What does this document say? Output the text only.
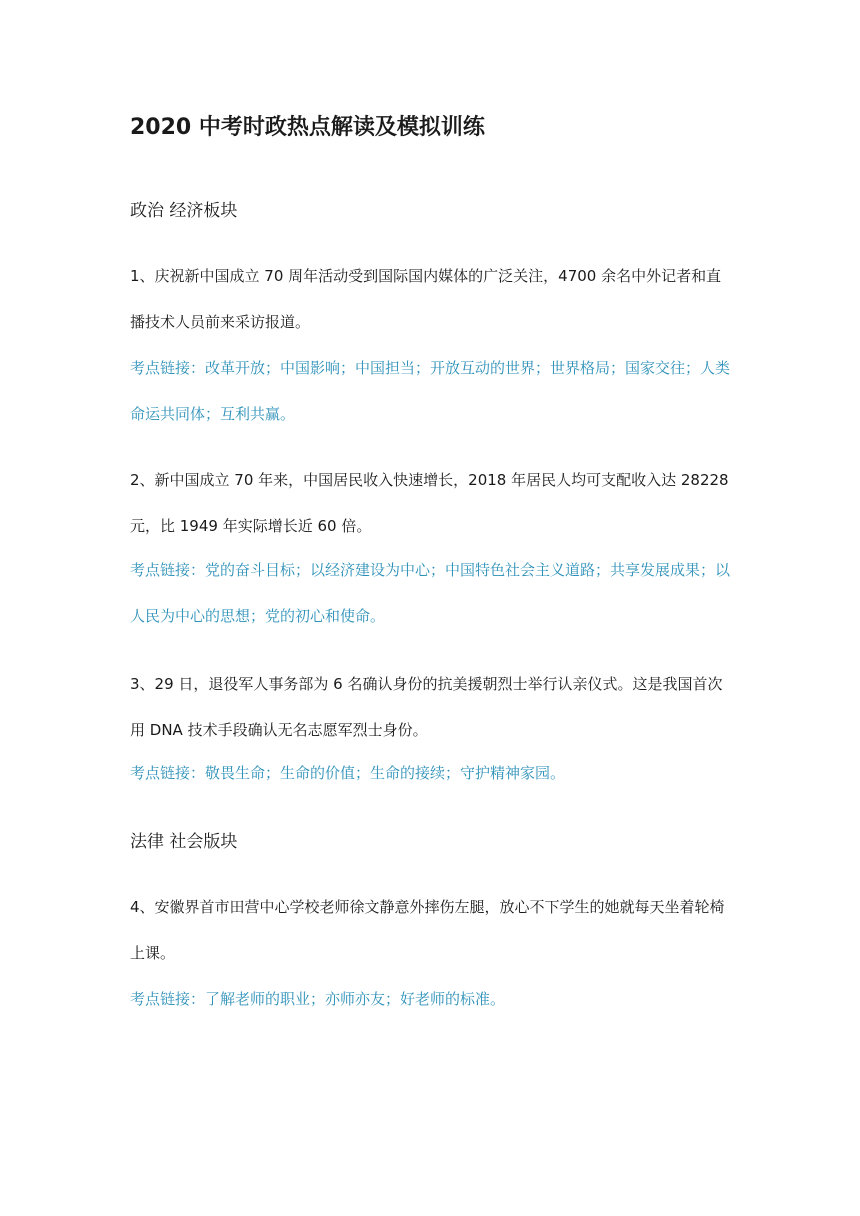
2020 中考时政热点解读及模拟训练
政治 经济板块
1、庆祝新中国成立 70 周年活动受到国际国内媒体的广泛关注，4700 余名中外记者和直播技术人员前来采访报道。
考点链接：改革开放；中国影响；中国担当；开放互动的世界；世界格局；国家交往；人类命运共同体；互利共赢。
2、新中国成立 70 年来，中国居民收入快速增长，2018 年居民人均可支配收入达 28228 元，比 1949 年实际增长近 60 倍。
考点链接：党的奋斗目标；以经济建设为中心；中国特色社会主义道路；共享发展成果；以人民为中心的思想；党的初心和使命。
3、29 日，退役军人事务部为 6 名确认身份的抗美援朝烈士举行认亲仪式。这是我国首次用 DNA 技术手段确认无名志愿军烈士身份。
考点链接：敬畏生命；生命的价值；生命的接续；守护精神家园。
法律 社会版块
4、安徽界首市田营中心学校老师徐文静意外摔伤左腿，放心不下学生的她就每天坐着轮椅上课。
考点链接：了解老师的职业；亦师亦友；好老师的标准。
